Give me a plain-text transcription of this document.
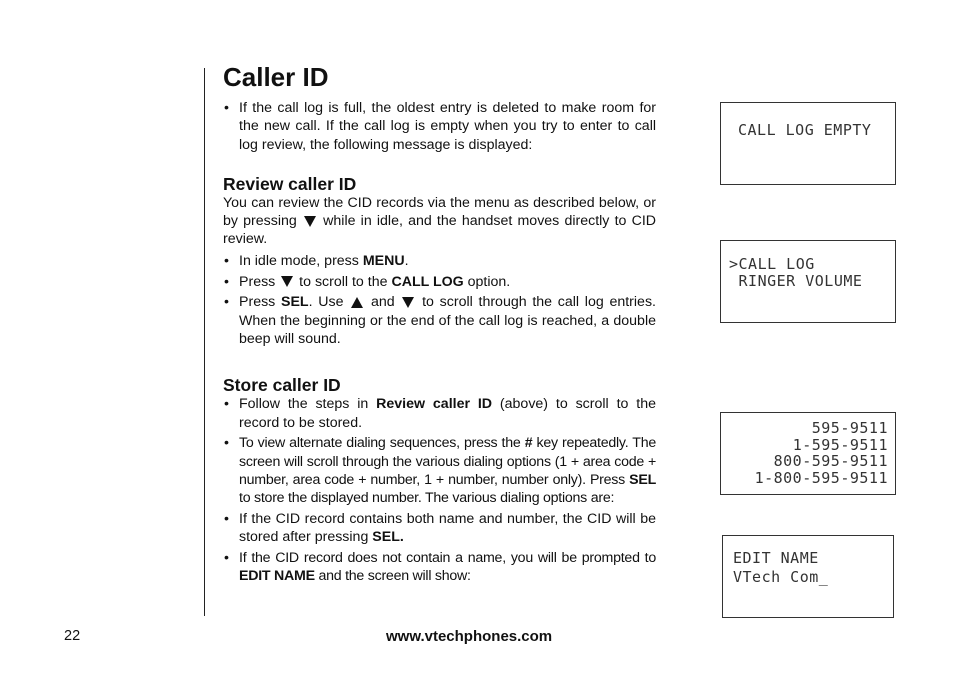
Caller ID
• If the call log is full, the oldest entry is deleted to make room for the new call. If the call log is empty when you try to enter to call log review, the following message is displayed:
Review caller ID

You can review the CID records via the menu as described below, or by pressing while in idle, and the handset moves directly to CID review.

• In idle mode, press MENU.
• Press to scroll to the CALL LOG option.
• Press SEL. Use and to scroll through the call log entries. When the beginning or the end of the call log is reached, a double beep will sound.
Store caller ID
• Follow the steps in Review caller ID (above) to scroll to the record to be stored.
• To view alternate dialing sequences, press the # key repeatedly. The screen will scroll through the various dialing options (1 + area code + number, area code + number, 1 + number, number only). Press SEL to store the displayed number. The various dialing options are:
• If the CID record contains both name and number, the CID will be stored after pressing SEL.
• If the CID record does not contain a name, you will be prompted to EDIT NAME and the screen will show:
CALL LOG EMPTY
>CALL LOG
RINGER VOLUME
595-9511
1-595-9511
800-595-9511
1-800-595-9511
EDIT NAME
VTech Com_
22	www.vtechphones.com
